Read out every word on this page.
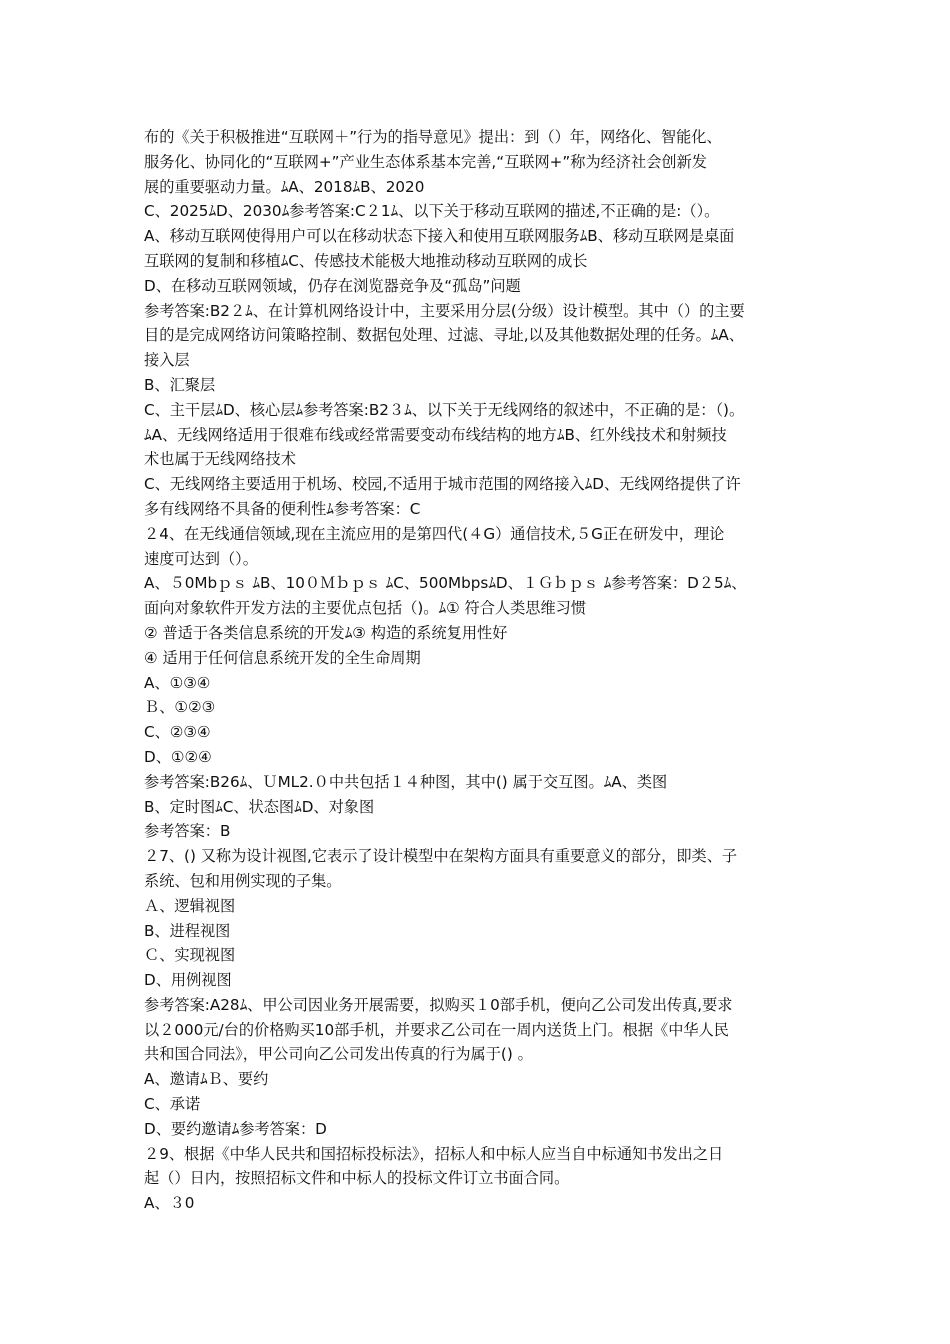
布的《关于积极推进“互联网＋”行为的指导意见》提出：到（）年，网络化、智能化、
服务化、协同化的“互联网+”产业生态体系基本完善,“互联网+”称为经济社会创新发
展的重要驱动力量。ﾑA、2018ﾑB、2020
C、2025ﾑD、2030ﾑ参考答案:C２1ﾑ、以下关于移动互联网的描述,不正确的是:（）。
A、移动互联网使得用户可以在移动状态下接入和使用互联网服务ﾑB、移动互联网是桌面
互联网的复制和移植ﾑC、传感技术能极大地推动移动互联网的成长
D、在移动互联网领域，仍存在浏览器竞争及“孤岛”问题
参考答案:B2２ﾑ、在计算机网络设计中，主要采用分层(分级）设计模型。其中（）的主要
目的是完成网络访问策略控制、数据包处理、过滤、寻址,以及其他数据处理的任务。ﾑA、
接入层
B、汇聚层
C、主干层ﾑD、核心层ﾑ参考答案:B2３ﾑ、以下关于无线网络的叙述中，不正确的是：（)。
ﾑA、无线网络适用于很难布线或经常需要变动布线结构的地方ﾑB、红外线技术和射频技
术也属于无线网络技术
C、无线网络主要适用于机场、校园,不适用于城市范围的网络接入ﾑD、无线网络提供了许
多有线网络不具备的便利性ﾑ参考答案：C
２4、在无线通信领域,现在主流应用的是第四代(４G）通信技术,５G正在研发中，理论
速度可达到（）。
A、５0Mbｐｓ ﾑB、10０Ｍｂｐｓ ﾑC、500MbpsﾑD、１Ｇｂｐｓ ﾑ参考答案：D２5ﾑ、
面向对象软件开发方法的主要优点包括（)。ﾑ① 符合人类思维习惯
② 普适于各类信息系统的开发ﾑ③ 构造的系统复用性好
④ 适用于任何信息系统开发的全生命周期
A、①③④
Ｂ、①②③
C、②③④
D、①②④
参考答案:B26ﾑ、ＵML2.０中共包括１４种图，其中() 属于交互图。ﾑA、类图
B、定时图ﾑC、状态图ﾑD、对象图
参考答案：B
２7、() 又称为设计视图,它表示了设计模型中在架构方面具有重要意义的部分，即类、子
系统、包和用例实现的子集。
Ａ、逻辑视图
B、进程视图
Ｃ、实现视图
D、用例视图
参考答案:A28ﾑ、甲公司因业务开展需要，拟购买１0部手机，便向乙公司发出传真,要求
以２000元/台的价格购买10部手机，并要求乙公司在一周内送货上门。根据《中华人民
共和国合同法》，甲公司向乙公司发出传真的行为属于() 。
A、邀请ﾑＢ、要约
C、承诺
D、要约邀请ﾑ参考答案：D
２9、根据《中华人民共和国招标投标法》，招标人和中标人应当自中标通知书发出之日
起（）日内，按照招标文件和中标人的投标文件订立书面合同。
A、３0
